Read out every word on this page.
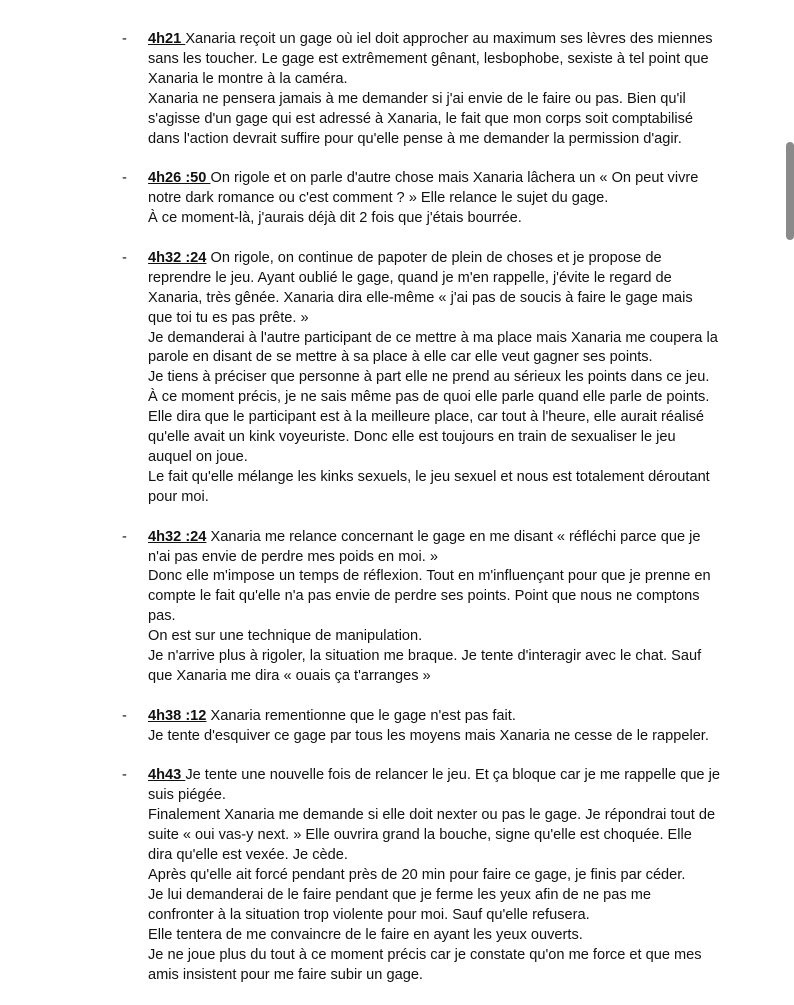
- 4h21 Xanaria reçoit un gage où iel doit approcher au maximum ses lèvres des miennes sans les toucher. Le gage est extrêmement gênant, lesbophobe, sexiste à tel point que Xanaria le montre à la caméra.
Xanaria ne pensera jamais à me demander si j'ai envie de le faire ou pas. Bien qu'il s'agisse d'un gage qui est adressé à Xanaria, le fait que mon corps soit comptabilisé dans l'action devrait suffire pour qu'elle pense à me demander la permission d'agir.
- 4h26 :50 On rigole et on parle d'autre chose mais Xanaria lâchera un « On peut vivre notre dark romance ou c'est comment ? » Elle relance le sujet du gage.
À ce moment-là, j'aurais déjà dit 2 fois que j'étais bourrée.
- 4h32 :24 On rigole, on continue de papoter de plein de choses et je propose de reprendre le jeu. Ayant oublié le gage, quand je m'en rappelle, j'évite le regard de Xanaria, très gênée. Xanaria dira elle-même « j'ai pas de soucis à faire le gage mais que toi tu es pas prête. »
Je demanderai à l'autre participant de ce mettre à ma place mais Xanaria me coupera la parole en disant de se mettre à sa place à elle car elle veut gagner ses points.
Je tiens à préciser que personne à part elle ne prend au sérieux les points dans ce jeu.
À ce moment précis, je ne sais même pas de quoi elle parle quand elle parle de points.
Elle dira que le participant est à la meilleure place, car tout à l'heure, elle aurait réalisé qu'elle avait un kink voyeuriste. Donc elle est toujours en train de sexualiser le jeu auquel on joue.
Le fait qu'elle mélange les kinks sexuels, le jeu sexuel et nous est totalement déroutant pour moi.
- 4h32 :24 Xanaria me relance concernant le gage en me disant « réfléchi parce que je n'ai pas envie de perdre mes poids en moi. »
Donc elle m'impose un temps de réflexion. Tout en m'influençant pour que je prenne en compte le fait qu'elle n'a pas envie de perdre ses points. Point que nous ne comptons pas.
On est sur une technique de manipulation.
Je n'arrive plus à rigoler, la situation me braque. Je tente d'interagir avec le chat. Sauf que Xanaria me dira « ouais ça t'arranges »
- 4h38 :12 Xanaria rementionne que le gage n'est pas fait.
Je tente d'esquiver ce gage par tous les moyens mais Xanaria ne cesse de le rappeler.
- 4h43 Je tente une nouvelle fois de relancer le jeu. Et ça bloque car je me rappelle que je suis piégée.
Finalement Xanaria me demande si elle doit nexter ou pas le gage. Je répondrai tout de suite « oui vas-y next. » Elle ouvrira grand la bouche, signe qu'elle est choquée. Elle dira qu'elle est vexée. Je cède.
Après qu'elle ait forcé pendant près de 20 min pour faire ce gage, je finis par céder.
Je lui demanderai de le faire pendant que je ferme les yeux afin de ne pas me confronter à la situation trop violente pour moi. Sauf qu'elle refusera.
Elle tentera de me convaincre de le faire en ayant les yeux ouverts.
Je ne joue plus du tout à ce moment précis car je constate qu'on me force et que mes amis insistent pour me faire subir un gage.
